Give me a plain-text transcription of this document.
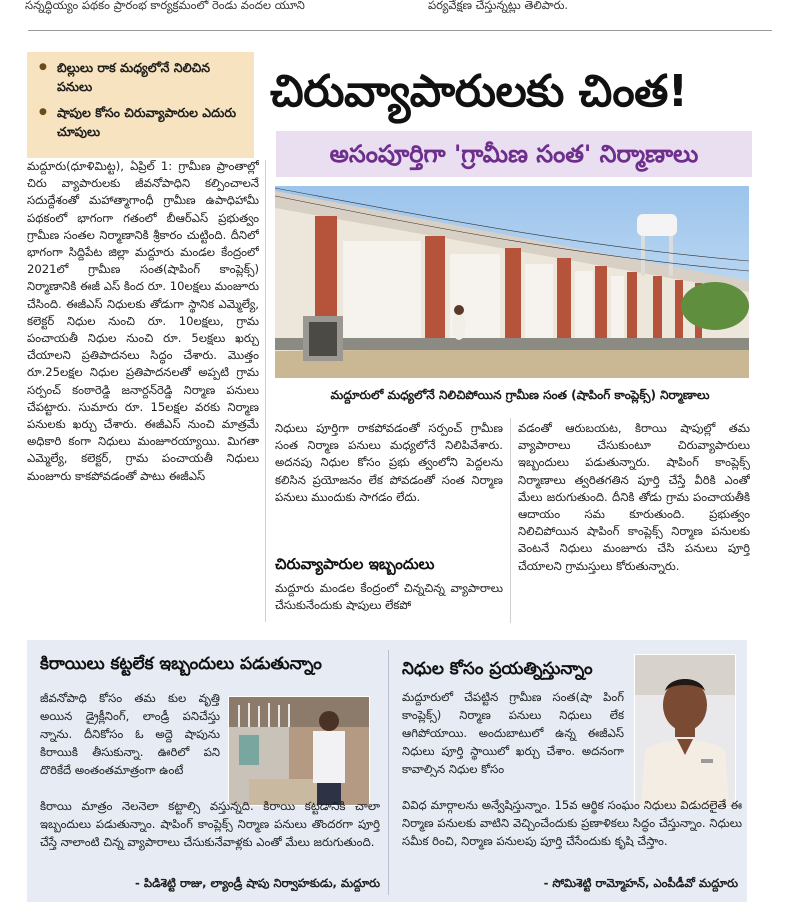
సన్నద్ధియ్యం పథకం ప్రారంభ కార్యక్రమంలో రెండు వందల యూని	పర్యవేక్షణ చేస్తున్నట్లు తెలిపారు.
● బిల్లులు రాక మధ్యలోనే నిలిచిన పనులు
● షాపుల కోసం చిరువ్యాపారుల ఎదురు చూపులు
చిరువ్యాపారులకు చింత!
అసంపూర్తిగా 'గ్రామీణ సంత' నిర్మాణాలు
మద్దూరులో మధ్యలోనే నిలిచిపోయిన గ్రామీణ సంత (షాపింగ్ కాంప్లెక్స్) నిర్మాణాలు
మద్దూరు(ధూళిమిట్ట), ఏప్రిల్ 1: గ్రామీణ ప్రాంతాల్లో చిరు వ్యాపారులకు జీవనోపాధిని కల్పించాలనే సదుద్దేశంతో మహాత్మాగాంధీ గ్రామీణ ఉపాధిహామీ పథకంలో భాగంగా గతంలో బీఆర్ఎస్ ప్రభుత్వం గ్రామీణ సంతల నిర్మాణానికి శ్రీకారం చుట్టింది. దీనిలో భాగంగా సిద్దిపేట జిల్లా మద్దూరు మండల కేంద్రంలో 2021లో గ్రామీణ సంత(షాపింగ్ కాంప్లెక్స్) నిర్మాణానికి ఈజీ ఎస్ కింద రూ. 10లక్షలు మంజూరు చేసింది. ఈజీఎస్ నిధులకు తోడుగా స్థానిక ఎమ్మెల్యే, కలెక్టర్ నిధుల నుంచి రూ. 10లక్షలు, గ్రామ పంచాయతీ నిధుల నుంచి రూ. 5లక్షలు ఖర్చు చేయాలని ప్రతిపాదనలు సిద్ధం చేశారు. మొత్తం రూ.25లక్షల నిధుల ప్రతిపాదనలతో అప్పటి గ్రామ సర్పంచ్ కంఠారెడ్డి జనార్దన్‌రెడ్డి నిర్మాణ పనులు చేపట్టారు. సుమారు రూ. 15లక్షల వరకు నిర్మాణ పనులకు ఖర్చు చేశారు. ఈజీఎస్ నుంచి మాత్రమే అధికారి కంగా నిధులు మంజూరయ్యాయి. మిగతా ఎమ్మెల్యే, కలెక్టర్, గ్రామ పంచాయతీ నిధులు మంజూరు కాకపోవడంతో పాటు ఈజీఎస్
నిధులు పూర్తిగా రాకపోవడంతో సర్పంచ్ గ్రామీణ సంత నిర్మాణ పనులు మధ్యలోనే నిలిపివేశారు. అదనపు నిధుల కోసం ప్రభు త్వంలోని పెద్దలను కలిసిన ప్రయోజనం లేక పోవడంతో సంత నిర్మాణ పనులు ముందుకు సాగడం లేదు.
చిరువ్యాపారుల ఇబ్బందులు
మద్దూరు మండల కేంద్రంలో చిన్నచిన్న వ్యాపారాలు చేసుకునేందుకు షాపులు లేకపో
వడంతో ఆరుబయట, కిరాయి షాపుల్లో తమ వ్యాపారాలు చేసుకుంటూ చిరువ్యాపారులు ఇబ్బందులు పడుతున్నారు. షాపింగ్ కాంప్లెక్స్ నిర్మాణాలు త్వరితగతిన పూర్తి చేస్తే వీరికి ఎంతో మేలు జరుగుతుంది. దీనికి తోడు గ్రామ పంచాయతీకి ఆదాయం సమ కూరుతుంది. ప్రభుత్వం నిలిచిపోయిన షాపింగ్ కాంప్లెక్స్ నిర్మాణ పనులకు వెంటనే నిధులు మంజూరు చేసి పనులు పూర్తి చేయాలని గ్రామస్తులు కోరుతున్నారు.
కిరాయిలు కట్టలేక ఇబ్బందులు పడుతున్నాం
జీవనోపాధి కోసం తమ కుల వృత్తి అయిన డ్రైక్లీనింగ్, లాండ్రీ పనిచేస్తు న్నాను. దీనికోసం ఓ అద్దె షాపును కిరాయికి తీసుకున్నా. ఊరిలో పని దొరికేదే అంతంతమాత్రంగా ఉంటే
కిరాయి మాత్రం నెలనెలా కట్టాల్సి వస్తున్నది. కిరాయి కట్టడానికి చాలా ఇబ్బందులు పడుతున్నాం. షాపింగ్ కాంప్లెక్స్ నిర్మాణ పనులు తొందరగా పూర్తి చేస్తే నాలాంటి చిన్న వ్యాపారాలు చేసుకునేవాళ్లకు ఎంతో మేలు జరుగుతుంది.
- పిడిశెట్టి రాజు, ల్యాండ్రీ షాపు నిర్వాహకుడు, మద్దూరు
నిధుల కోసం ప్రయత్నిస్తున్నాం
మద్దూరులో చేపట్టిన గ్రామీణ సంత(షా పింగ్ కాంప్లెక్స్) నిర్మాణ పనులు నిధులు లేక ఆగిపోయాయి. అందుబాటులో ఉన్న ఈజీఎస్ నిధులు పూర్తి స్థాయిలో ఖర్చు చేశాం. అదనంగా కావాల్సిన నిధుల కోసం
వివిధ మార్గాలను అన్వేషిస్తున్నాం. 15వ ఆర్థిక సంఘం నిధులు విడుదలైతే ఈ నిర్మాణ పనులకు వాటిని వెచ్చించేందుకు ప్రణాళికలు సిద్ధం చేస్తున్నాం. నిధులు సమీక రించి, నిర్మాణ పనులపు పూర్తి చేసేందుకు కృషి చేస్తాం.
- సోమిశెట్టి రామ్మోహన్, ఎంపీడీవో మద్దూరు
